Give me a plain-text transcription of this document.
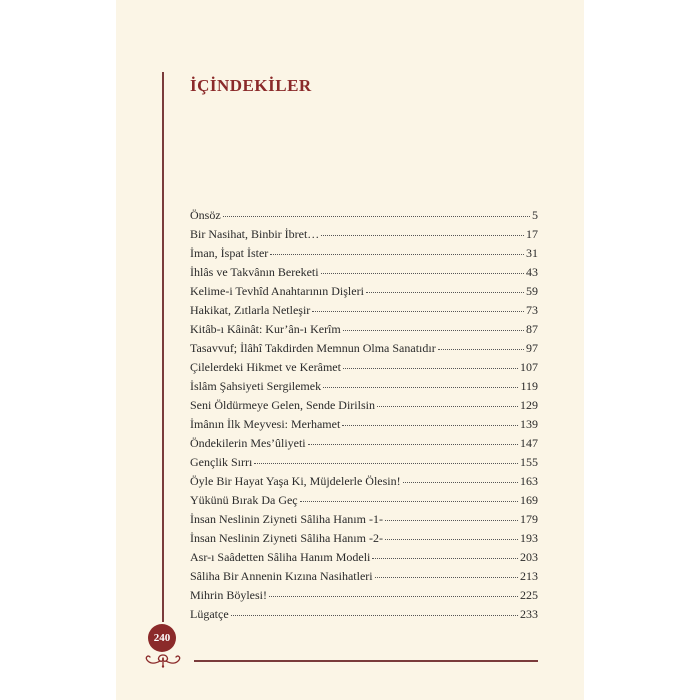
İÇİNDEKİLER
Önsöz	5
Bir Nasihat, Binbir İbret…	17
İman, İspat İster	31
İhlâs ve Takvânın Bereketi	43
Kelime-i Tevhîd Anahtarının Dişleri	59
Hakikat, Zıtlarla Netleşir	73
Kitâb-ı Kâinât: Kur’ân-ı Kerîm	87
Tasavvuf; İlâhî Takdirden Memnun Olma Sanatıdır	97
Çilelerdeki Hikmet ve Kerâmet	107
İslâm Şahsiyeti Sergilemek	119
Seni Öldürmeye Gelen, Sende Dirilsin	129
İmânın İlk Meyvesi: Merhamet	139
Öndekilerin Mes’ûliyeti	147
Gençlik Sırrı	155
Öyle Bir Hayat Yaşa Ki, Müjdelerle Ölesin!	163
Yükünü Bırak Da Geç	169
İnsan Neslinin Ziyneti Sâliha Hanım -1-	179
İnsan Neslinin Ziyneti Sâliha Hanım -2-	193
Asr-ı Saâdetten Sâliha Hanım Modeli	203
Sâliha Bir Annenin Kızına Nasihatleri	213
Mihrin Böylesi!	225
Lügatçe	233
240
